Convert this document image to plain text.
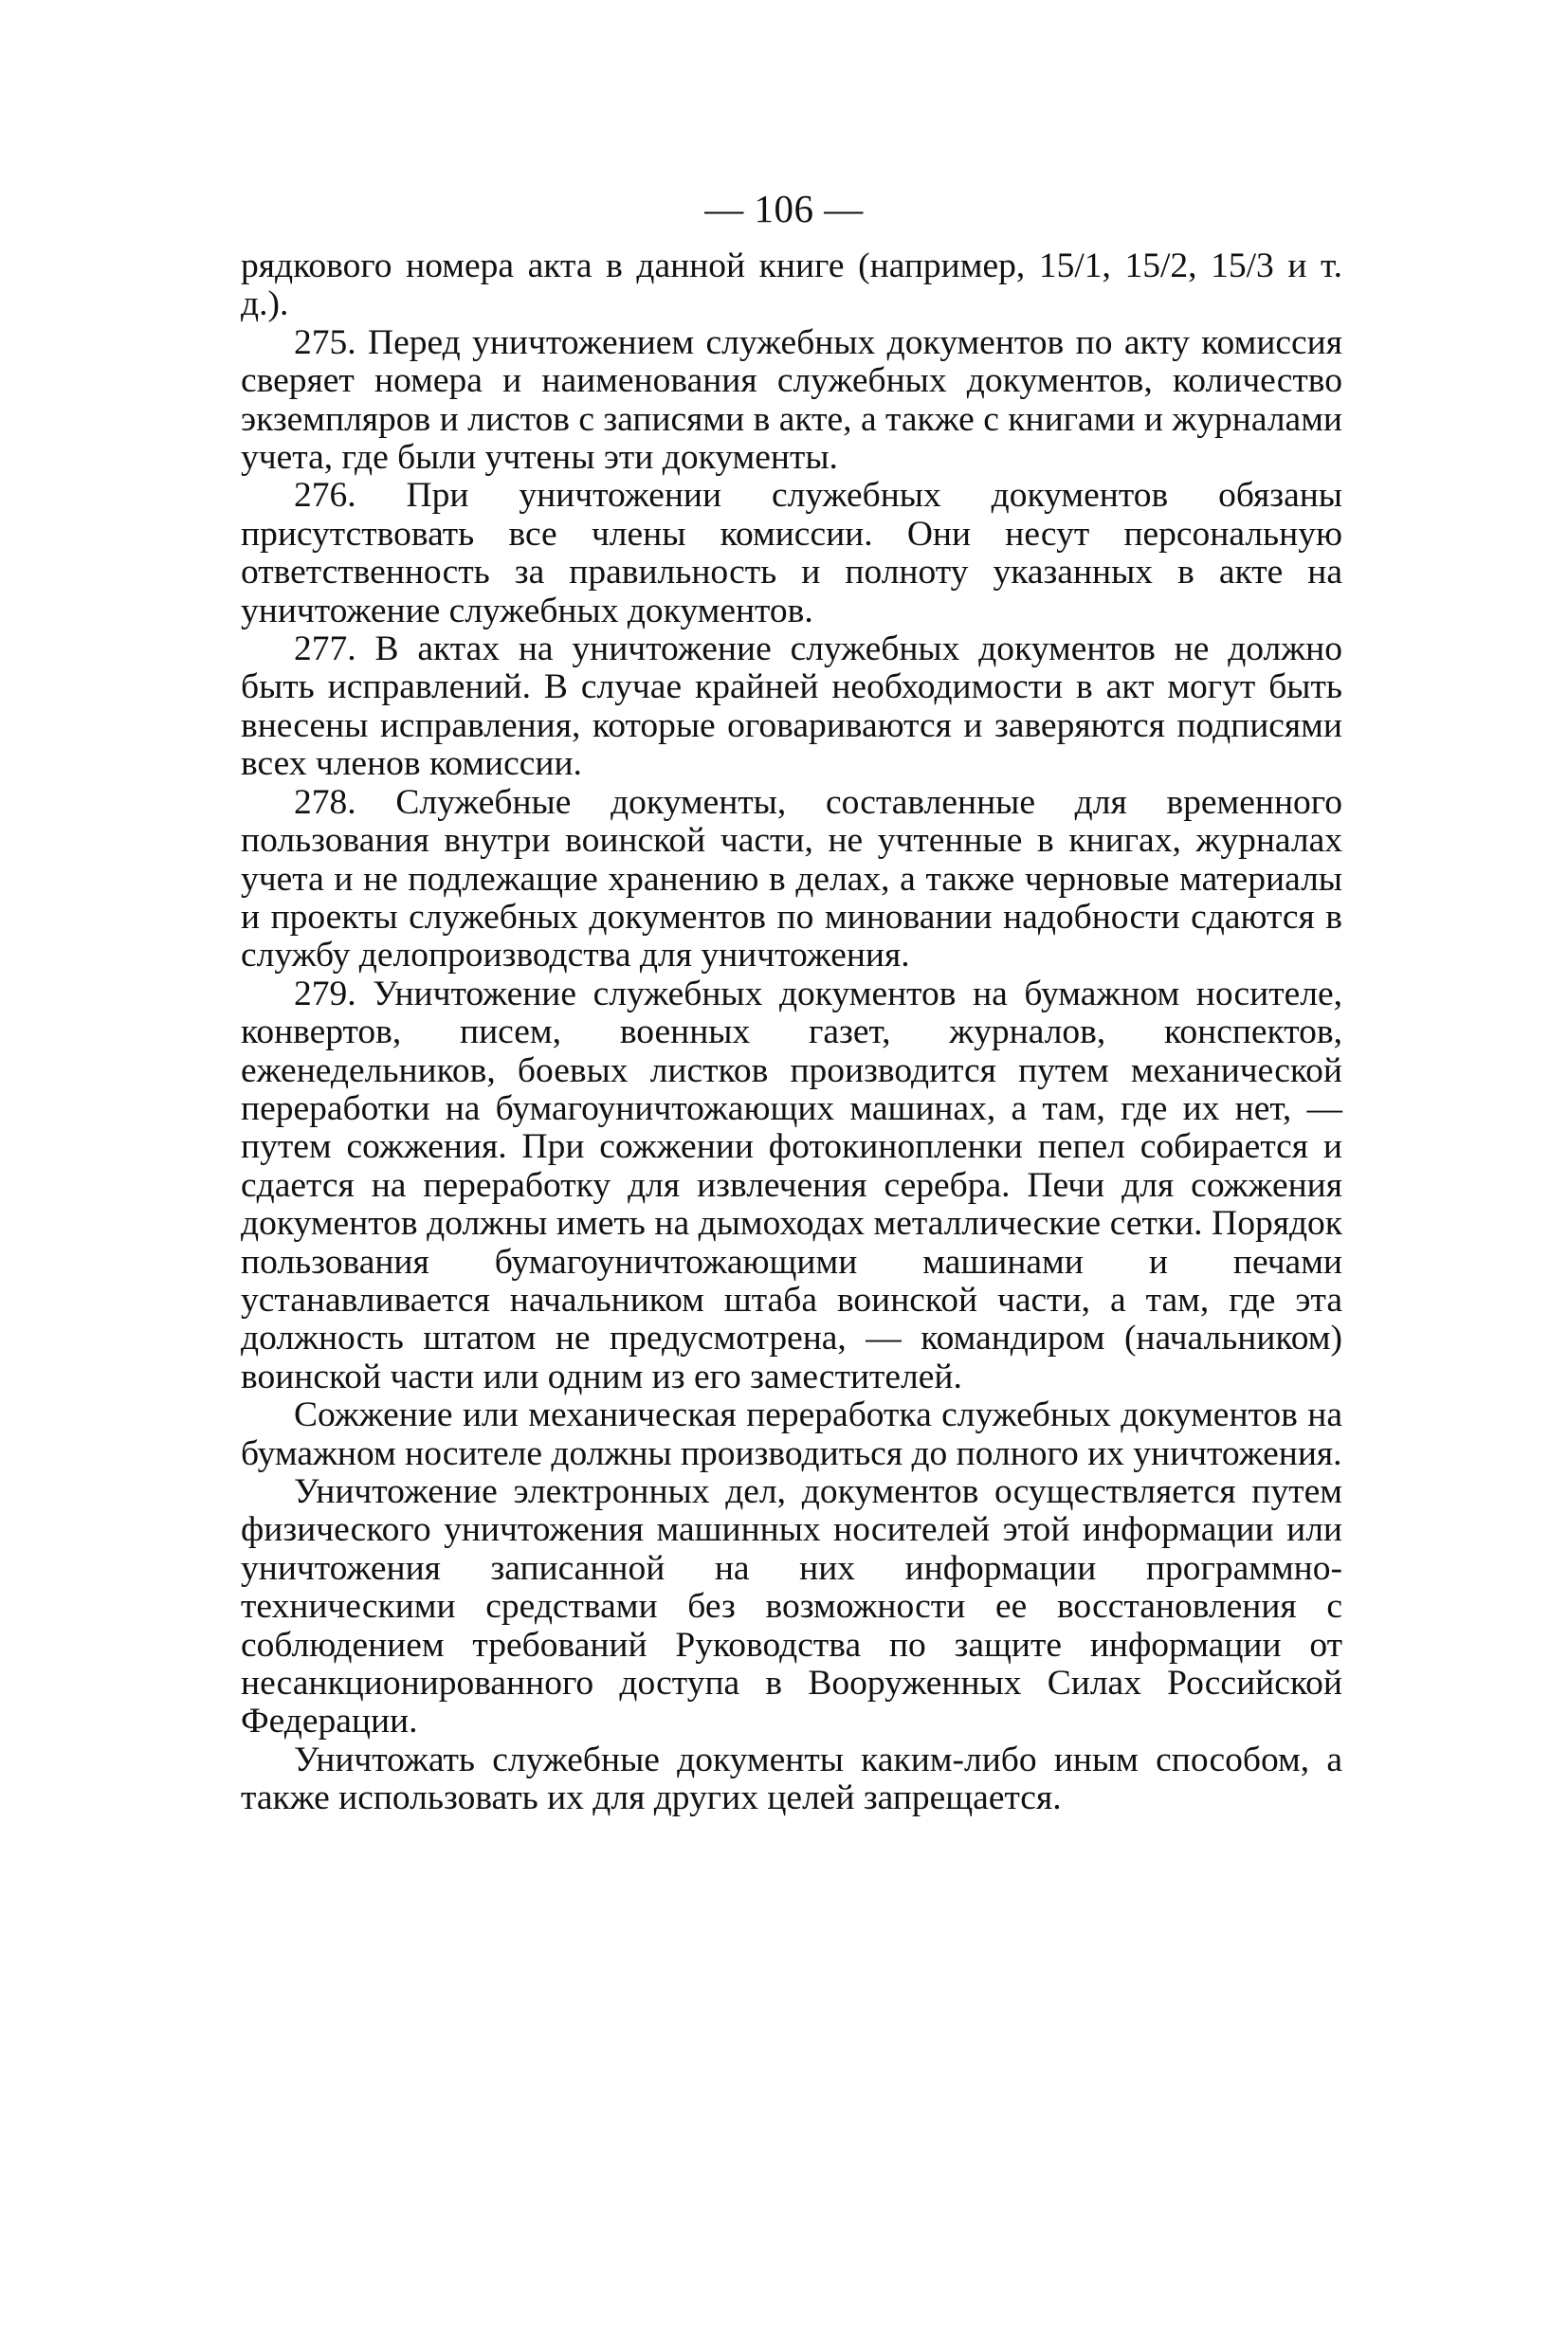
— 106 —

рядкового номера акта в данной книге (например, 15/1, 15/2, 15/3 и т. д.).

275. Перед уничтожением служебных документов по акту комиссия сверяет номера и наименования служебных документов, количество экземпляров и листов с записями в акте, а также с книгами и журналами учета, где были учтены эти документы.

276. При уничтожении служебных документов обязаны присутствовать все члены комиссии. Они несут персональную ответственность за правильность и полноту указанных в акте на уничтожение служебных документов.

277. В актах на уничтожение служебных документов не должно быть исправлений. В случае крайней необходимости в акт могут быть внесены исправления, которые оговариваются и заверяются подписями всех членов комиссии.

278. Служебные документы, составленные для временного пользования внутри воинской части, не учтенные в книгах, журналах учета и не подлежащие хранению в делах, а также черновые материалы и проекты служебных документов по миновании надобности сдаются в службу делопроизводства для уничтожения.

279. Уничтожение служебных документов на бумажном носителе, конвертов, писем, военных газет, журналов, конспектов, еженедельников, боевых листков производится путем механической переработки на бумагоуничтожающих машинах, а там, где их нет, — путем сожжения. При сожжении фотокинопленки пепел собирается и сдается на переработку для извлечения серебра. Печи для сожжения документов должны иметь на дымоходах металлические сетки. Порядок пользования бумагоуничтожающими машинами и печами устанавливается начальником штаба воинской части, а там, где эта должность штатом не предусмотрена, — командиром (начальником) воинской части или одним из его заместителей.

Сожжение или механическая переработка служебных документов на бумажном носителе должны производиться до полного их уничтожения.

Уничтожение электронных дел, документов осуществляется путем физического уничтожения машинных носителей этой информации или уничтожения записанной на них информации программно-техническими средствами без возможности ее восстановления с соблюдением требований Руководства по защите информации от несанкционированного доступа в Вооруженных Силах Российской Федерации.

Уничтожать служебные документы каким-либо иным способом, а также использовать их для других целей запрещается.
